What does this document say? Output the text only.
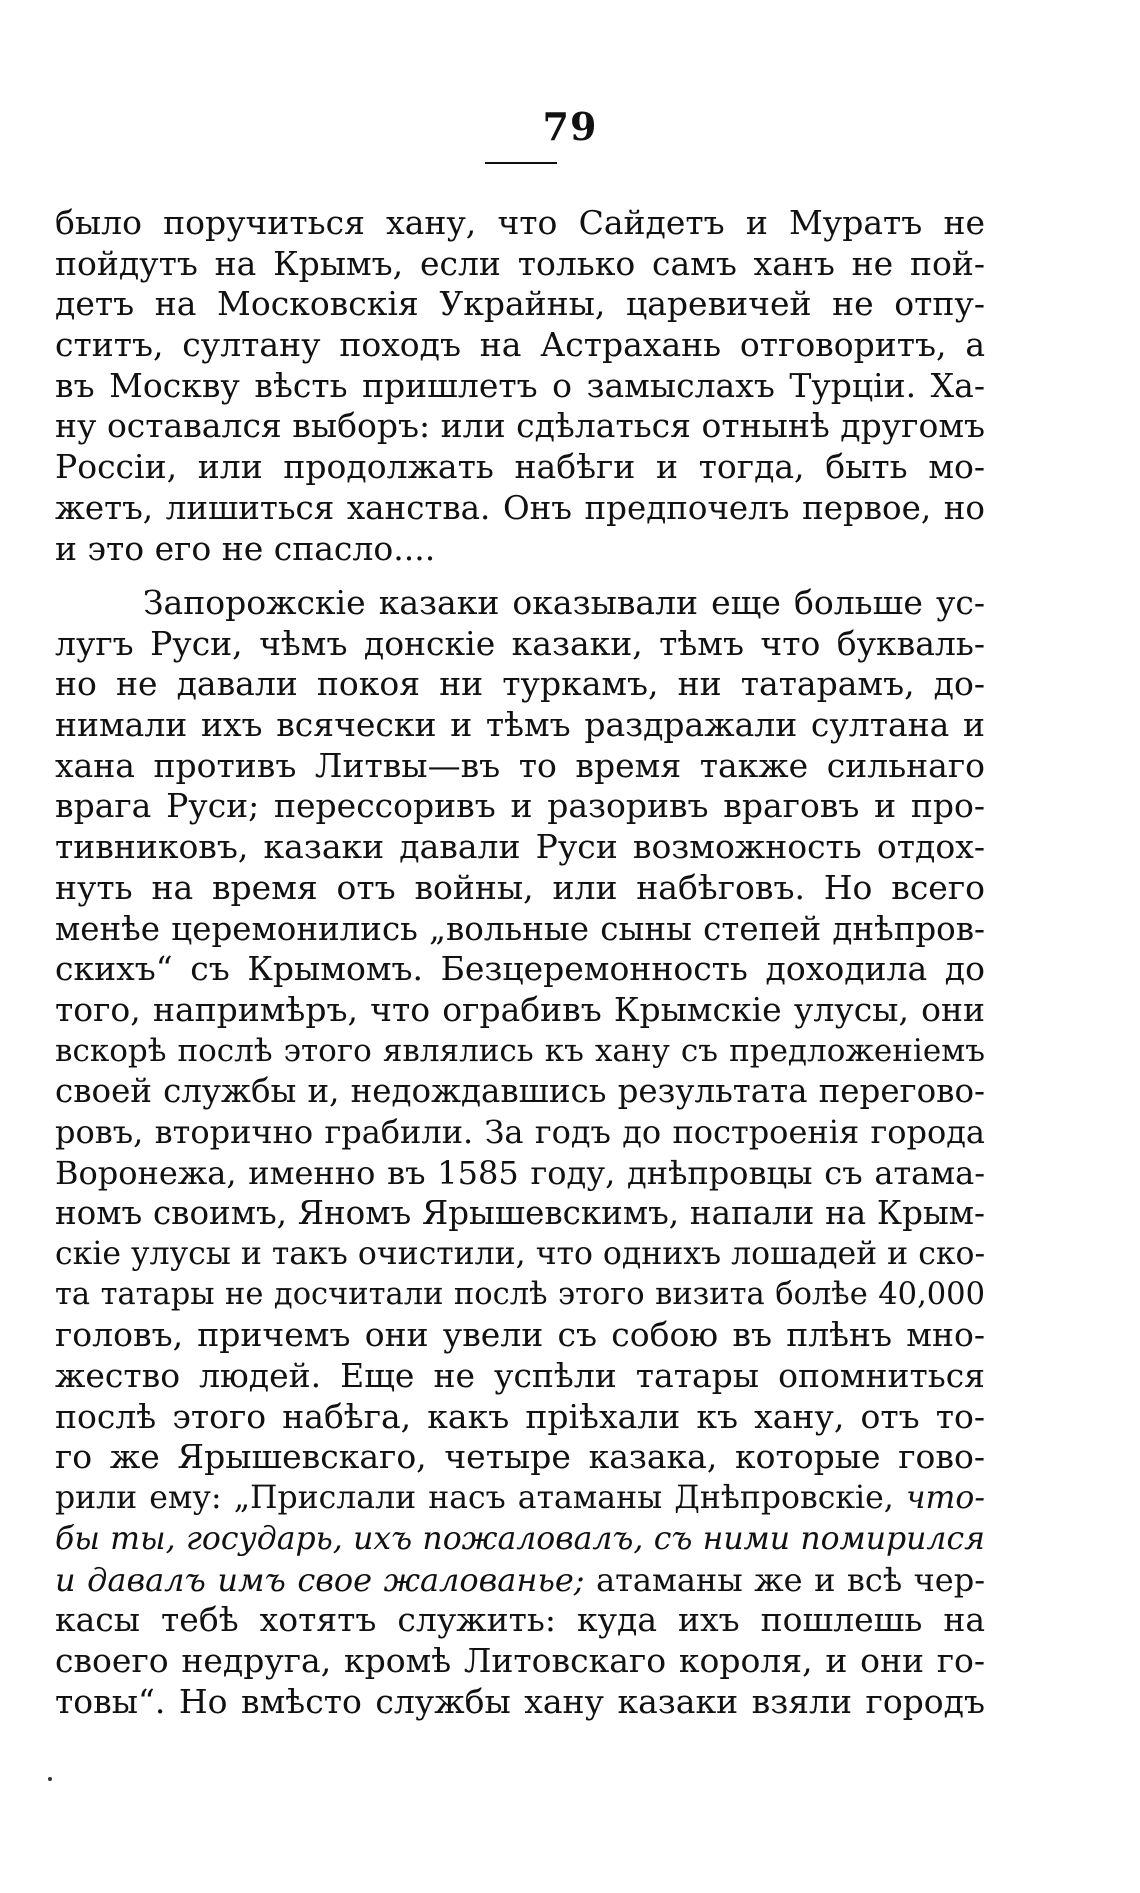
79
было поручиться хану, что Сайдетъ и Муратъ не
пойдутъ на Крымъ, если только самъ ханъ не пой-
детъ на Московскія Украйны, царевичей не отпу-
ститъ, султану походъ на Астрахань отговоритъ, а
въ Москву вѣсть пришлетъ о замыслахъ Турціи. Ха-
ну оставался выборъ: или сдѣлаться отнынѣ другомъ
Россіи, или продолжать набѣги и тогда, быть мо-
жетъ, лишиться ханства. Онъ предпочелъ первое, но
и это его не спасло....
Запорожскіе казаки оказывали еще больше ус-
лугъ Руси, чѣмъ донскіе казаки, тѣмъ что букваль-
но не давали покоя ни туркамъ, ни татарамъ, до-
нимали ихъ всячески и тѣмъ раздражали султана и
хана противъ Литвы—въ то время также сильнаго
врага Руси; перессоривъ и разоривъ враговъ и про-
тивниковъ, казаки давали Руси возможность отдох-
нуть на время отъ войны, или набѣговъ. Но всего
менѣе церемонились „вольные сыны степей днѣпров-
скихъ“ съ Крымомъ. Безцеремонность доходила до
того, напримѣръ, что ограбивъ Крымскіе улусы, они
вскорѣ послѣ этого являлись къ хану съ предложеніемъ
своей службы и, недождавшись результата перегово-
ровъ, вторично грабили. За годъ до построенія города
Воронежа, именно въ 1585 году, днѣпровцы съ атама-
номъ своимъ, Яномъ Ярышевскимъ, напали на Крым-
скіе улусы и такъ очистили, что однихъ лошадей и ско-
та татары не досчитали послѣ этого визита болѣе 40,000
головъ, причемъ они увели съ собою въ плѣнъ мно-
жество людей. Еще не успѣли татары опомниться
послѣ этого набѣга, какъ пріѣхали къ хану, отъ то-
го же Ярышевскаго, четыре казака, которые гово-
рили ему: „Прислали насъ атаманы Днѣпровскіе, что-
бы ты, государь, ихъ пожаловалъ, съ ними помирился
и давалъ имъ свое жалованье; атаманы же и всѣ чер-
касы тебѣ хотятъ служить: куда ихъ пошлешь на
своего недруга, кромѣ Литовскаго короля, и они го-
товы“. Но вмѣсто службы хану казаки взяли городъ
